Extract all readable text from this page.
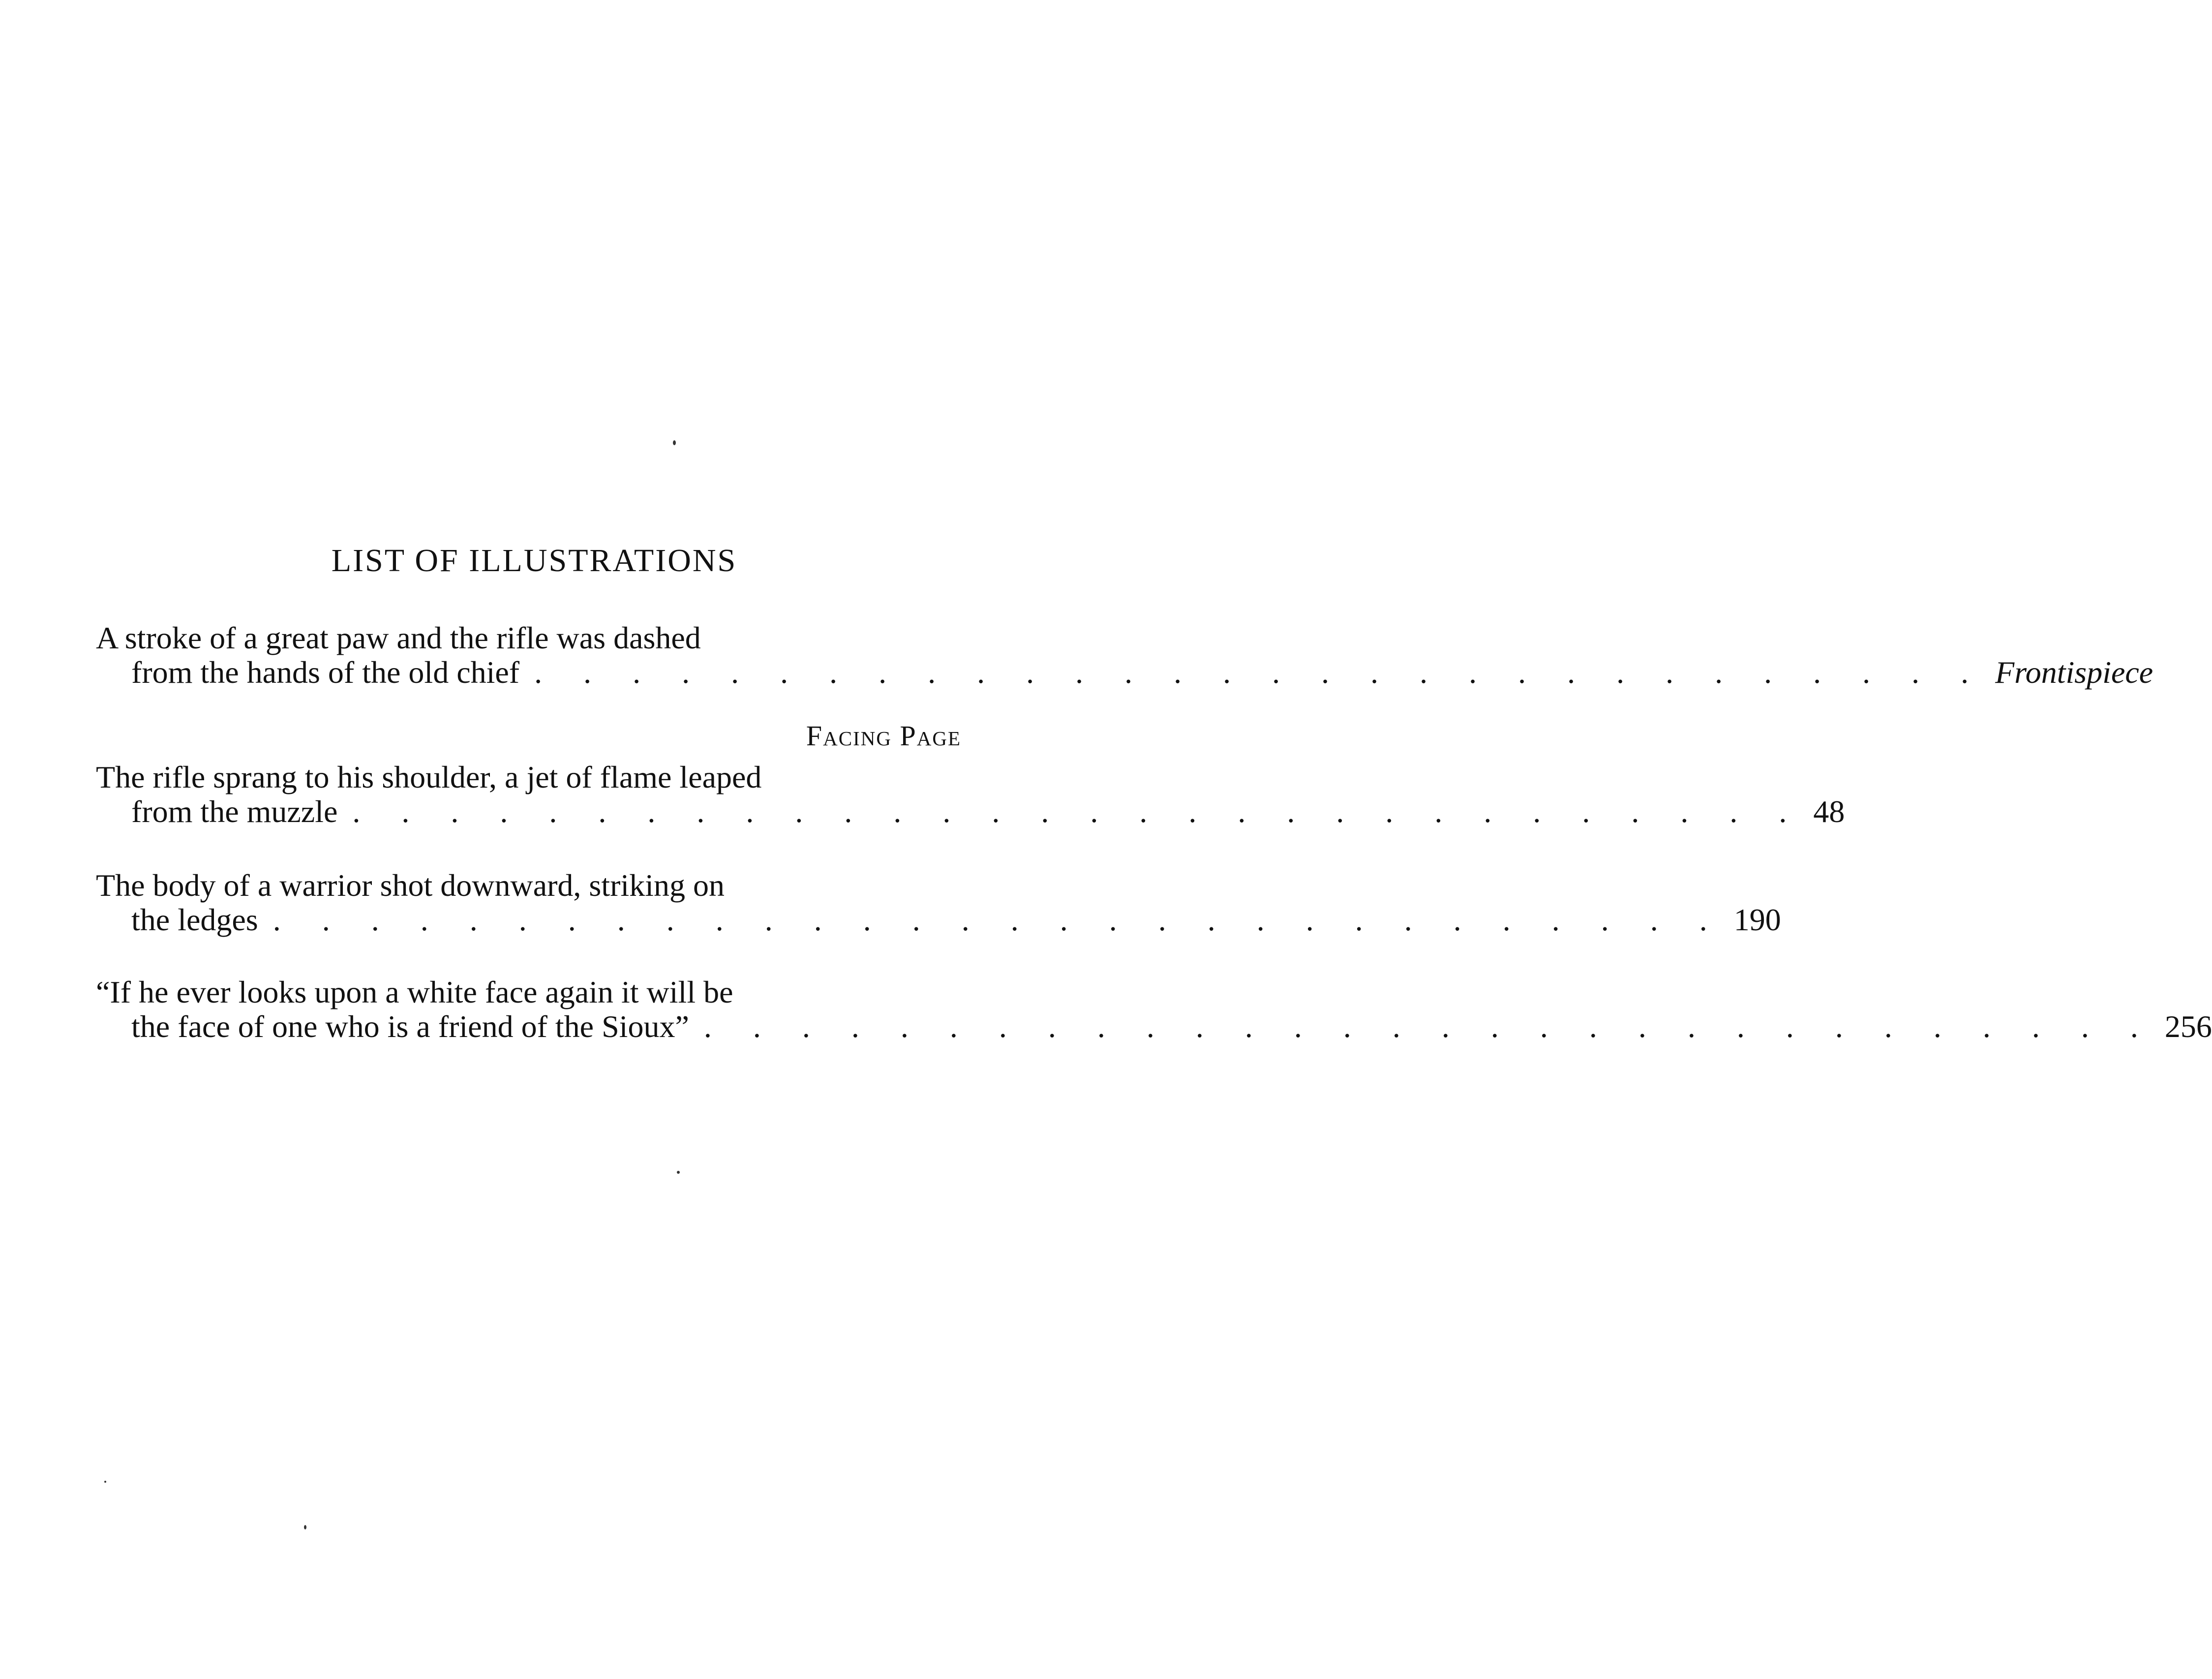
LIST OF ILLUSTRATIONS
A stroke of a great paw and the rifle was dashed
from the hands of the old chief . . . . . . . . . . . . . . . . . . . . . . . . . . . . . . Frontispiece
Facing Page
The rifle sprang to his shoulder, a jet of flame leaped
from the muzzle . . . . . . . . . . . . . . . . . . . . . . . . . . . . . . 48
The body of a warrior shot downward, striking on
the ledges . . . . . . . . . . . . . . . . . . . . . . . . . . . . . . 190
“If he ever looks upon a white face again it will be
the face of one who is a friend of the Sioux” . . . . . . . . . . . . . . . . . . . . . . . . . . . . . . 256
